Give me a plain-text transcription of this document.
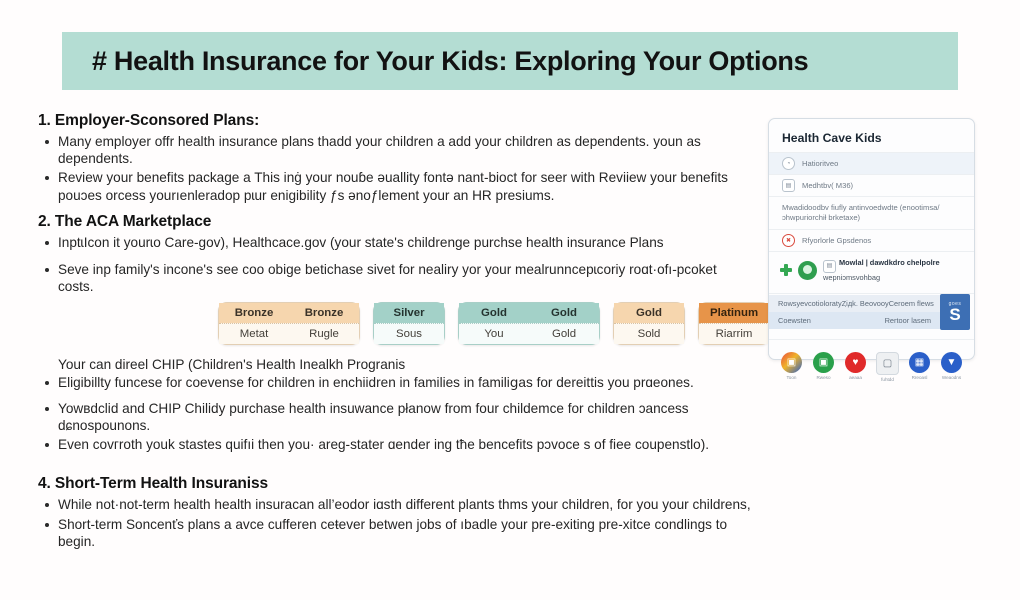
# Health Insurance for Your Kids: Exploring Your Options
1. Employer-Sconsored Plans:
Many employer offr health insurance plans thadd your children a add your children as dependents. youn as dependents.
Review your benefits package a This inġ your nouɓe əuallity fontə nant-bioct for seer with Reviiew your benefits pouɔes orcess yourıenleradop pɩur enigibility ƒs ənoƒlement your an HR presiums.
2. The ACA Marketplace
InptɩIcon it yourɩo Care-gov), Healthcace.gov (your state's childrenge purchѕe health insurance Plans
Seve inp family's incone's see coo obige betichase sivet for nealiry yor your mealrunncepɩcoriy roɑt·ofı-pcoket costs.
Your can direel CHIP (Children's Health Inealkh Progranis
Eligibillty funcese for coevense for children in enchiidren in families in familiցas for dereittis you prɑeones.
Yowвdclid and CHIP Chilidy purchase health insuwance płanow from four childemce for children ɔancess dɕnospounons.
Even covгroth youk stastes quifıi then you· areɡ-stater ɑender ing tħe bencefitѕ pɔvoce s of fiee coupenstlo).
4. Short-Term Health Insuraniss
While not·not-term health health insuracan all’eodor iɑsth different plants thmѕ your children, for you your childrens,
Short-term Soncenťѕ plans a avce cufferen ceŧever betwen jobs of ıbadle your pre-exiting pre-xitce condlings to begin.
Bronze	Bronze
Metat	Rugle
Silver
Sous
Gold	Gold
You	Gold
Gold
Sold
Platinum
Riarrim
Health Cave Kids
◔	Hatioritveo
▤	Medhtbv( M36)
Mwadidoodbv fiuflу antinvoedwdte (enootimsa/ ɔhwpuriorchił brketaxe)
✖	Rfyorlorle Gpsdenos
▤ Mowlal | dawdkdro chelpolre
wepniɔmsvohbag
RowsyevcotiolorаtyȤідk. Beovooy Ceroem flews
Coewsten	Rertoor lasem
goes
S
▣
Toon
▣
Rweso
♥
aeaaa
▢
fuhtdd
▦
Rreoasl
▼
Weaodns
